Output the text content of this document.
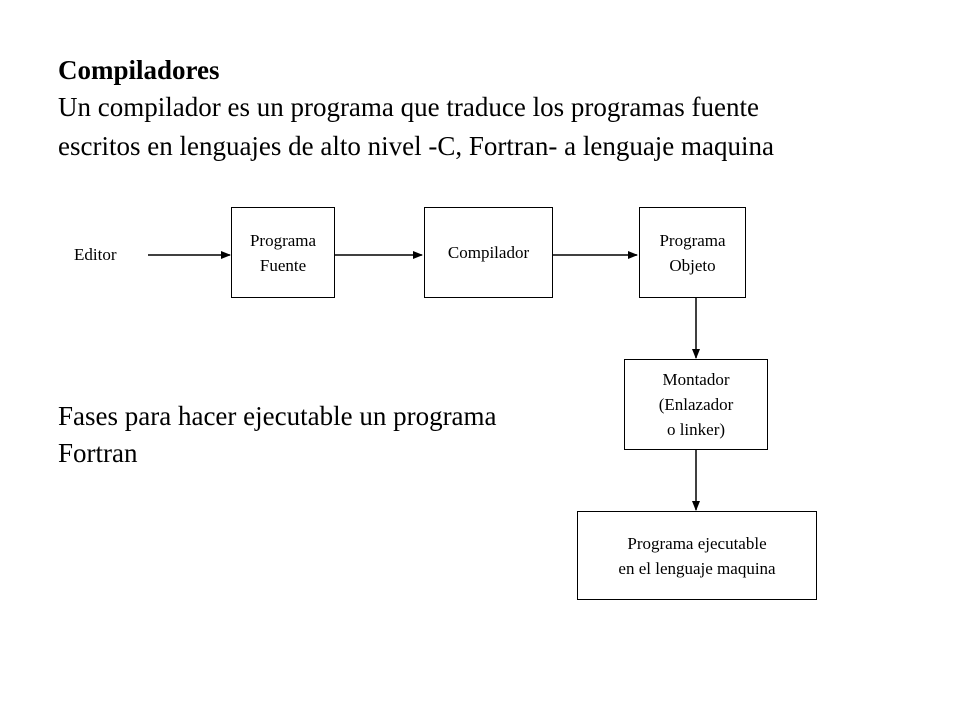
Compiladores
Un compilador es un programa que traduce los programas fuente
escritos en lenguajes de alto nivel -C, Fortran- a lenguaje maquina
Editor
Programa
Fuente
Compilador
Programa
Objeto
Montador
(Enlazador
o linker)
Programa ejecutable
en el lenguaje maquina
Fases para hacer ejecutable un programa
Fortran
